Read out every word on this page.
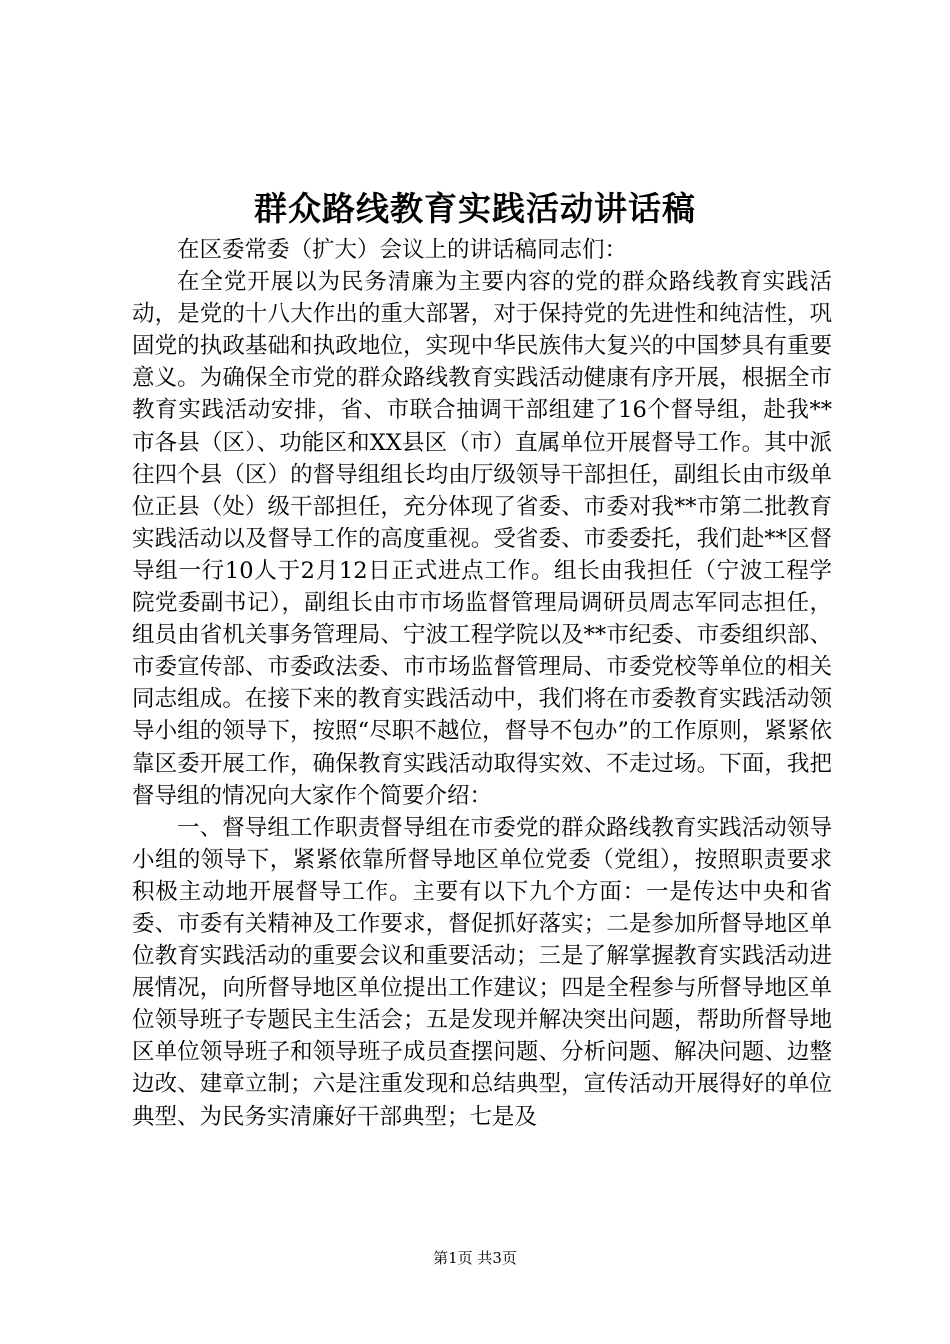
群众路线教育实践活动讲话稿

在区委常委（扩大）会议上的讲话稿同志们：

在全党开展以为民务清廉为主要内容的党的群众路线教育实践活动，是党的十八大作出的重大部署，对于保持党的先进性和纯洁性，巩固党的执政基础和执政地位，实现中华民族伟大复兴的中国梦具有重要意义。为确保全市党的群众路线教育实践活动健康有序开展，根据全市教育实践活动安排，省、市联合抽调干部组建了16个督导组，赴我**市各县（区）、功能区和XX县区（市）直属单位开展督导工作。其中派往四个县（区）的督导组组长均由厅级领导干部担任，副组长由市级单位正县（处）级干部担任，充分体现了省委、市委对我**市第二批教育实践活动以及督导工作的高度重视。受省委、市委委托，我们赴**区督导组一行10人于2月12日正式进点工作。组长由我担任（宁波工程学院党委副书记），副组长由市市场监督管理局调研员周志军同志担任，组员由省机关事务管理局、宁波工程学院以及**市纪委、市委组织部、市委宣传部、市委政法委、市市场监督管理局、市委党校等单位的相关同志组成。在接下来的教育实践活动中，我们将在市委教育实践活动领导小组的领导下，按照“尽职不越位，督导不包办”的工作原则，紧紧依靠区委开展工作，确保教育实践活动取得实效、不走过场。下面，我把督导组的情况向大家作个简要介绍：

一、督导组工作职责督导组在市委党的群众路线教育实践活动领导小组的领导下，紧紧依靠所督导地区单位党委（党组），按照职责要求积极主动地开展督导工作。主要有以下九个方面：一是传达中央和省委、市委有关精神及工作要求，督促抓好落实；二是参加所督导地区单位教育实践活动的重要会议和重要活动；三是了解掌握教育实践活动进展情况，向所督导地区单位提出工作建议；四是全程参与所督导地区单位领导班子专题民主生活会；五是发现并解决突出问题，帮助所督导地区单位领导班子和领导班子成员查摆问题、分析问题、解决问题、边整边改、建章立制；六是注重发现和总结典型，宣传活动开展得好的单位典型、为民务实清廉好干部典型；七是及

第1页 共3页
